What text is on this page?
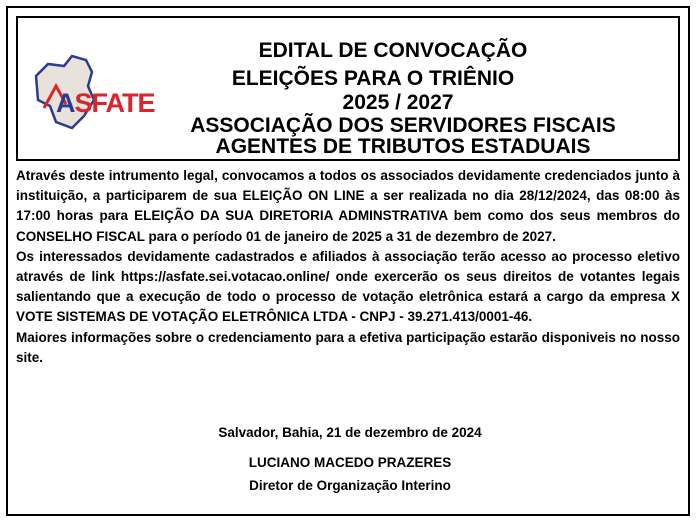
ASFATE
EDITAL DE CONVOCAÇÃO
ELEIÇÕES PARA O TRIÊNIO
2025 / 2027
ASSOCIAÇÃO DOS SERVIDORES FISCAIS
AGENTES DE TRIBUTOS ESTADUAIS

Através deste intrumento legal, convocamos a todos os associados devidamente credenciados junto à instituição, a participarem de sua ELEIÇÃO ON LINE a ser realizada no dia 28/12/2024, das 08:00 às 17:00 horas para ELEIÇÃO DA SUA DIRETORIA ADMINSTRATIVA bem como dos seus membros do CONSELHO FISCAL para o período 01 de janeiro de 2025 a 31 de dezembro de 2027.

Os interessados devidamente cadastrados e afiliados à associação terão acesso ao processo eletivo através de link https://asfate.sei.votacao.online/ onde exercerão os seus direitos de votantes legais salientando que a execução de todo o processo de votação eletrônica estará a cargo da empresa X VOTE SISTEMAS DE VOTAÇÃO ELETRÔNICA LTDA - CNPJ - 39.271.413/0001-46.

Maiores informações sobre o credenciamento para a efetiva participação estarão disponiveis no nosso site.

Salvador, Bahia, 21 de dezembro de 2024
LUCIANO MACEDO PRAZERES
Diretor de Organização Interino
